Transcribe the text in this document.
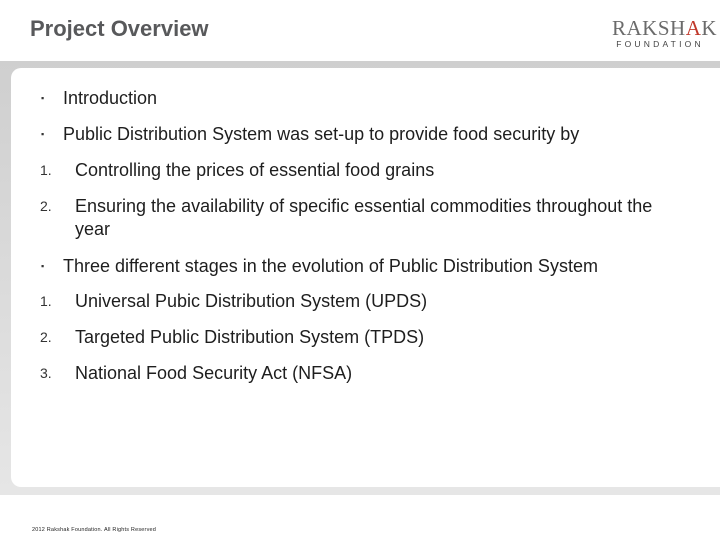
Project Overview	RAKSHAK
FOUNDATION
▪ Introduction
▪ Public Distribution System was set-up to provide food security by
1. Controlling the prices of essential food grains
2. Ensuring the availability of specific essential commodities throughout the year
▪ Three different stages in the evolution of Public Distribution System
1. Universal Pubic Distribution System (UPDS)
2. Targeted Public Distribution System (TPDS)
3. National Food Security Act (NFSA)
2012 Rakshak Foundation. All Rights Reserved
